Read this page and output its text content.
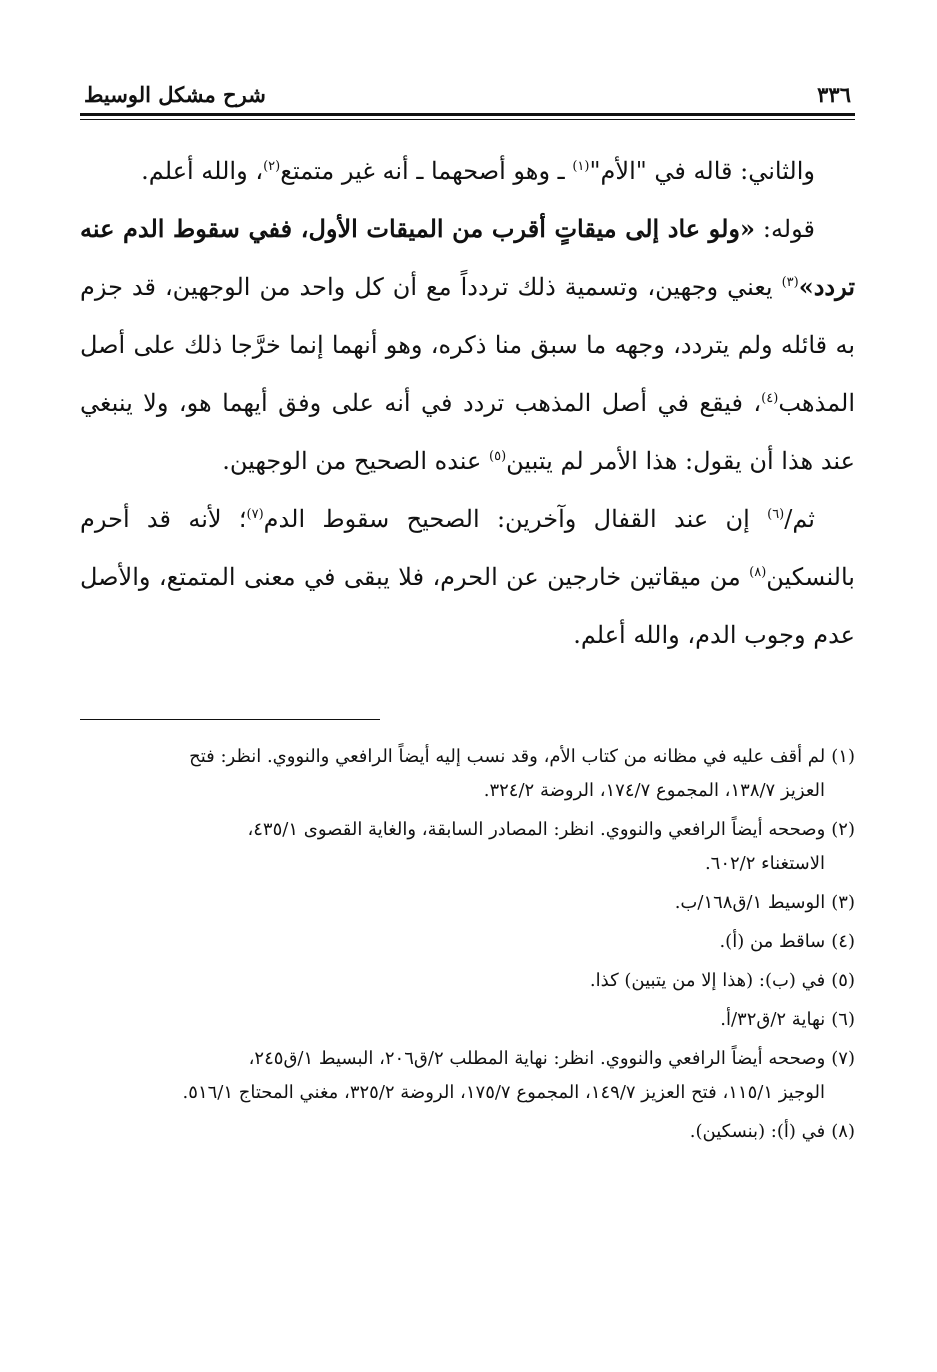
٣٣٦
شرح مشكل الوسيط

والثاني: قاله في "الأم"$^{(١)}$ ـ وهو أصحهما ـ أنه غير متمتع$^{(٢)}$، والله أعلم.

قوله: «ولو عاد إلى ميقاتٍ أقرب من الميقات الأول، ففي سقوط الدم عنه تردد»$^{(٣)}$ يعني وجهين، وتسمية ذلك تردداً مع أن كل واحد من الوجهين، قد جزم به قائله ولم يتردد، وجهه ما سبق منا ذكره، وهو أنهما إنما خرَّجا ذلك على أصل المذهب$^{(٤)}$، فيقع في أصل المذهب تردد في أنه على وفق أيهما هو، ولا ينبغي عند هذا أن يقول: هذا الأمر لم يتبين$^{(٥)}$ عنده الصحيح من الوجهين.

ثم/$^{(٦)}$ إن عند القفال وآخرين: الصحيح سقوط الدم$^{(٧)}$؛ لأنه قد أحرم بالنسكين$^{(٨)}$ من ميقاتين خارجين عن الحرم، فلا يبقى في معنى المتمتع، والأصل عدم وجوب الدم، والله أعلم.

(١)لم أقف عليه في مظانه من كتاب الأم، وقد نسب إليه أيضاً الرافعي والنووي. انظر: فتح
العزيز ١٣٨/٧، المجموع ١٧٤/٧، الروضة ٣٢٤/٢.
(٢)وصححه أيضاً الرافعي والنووي. انظر: المصادر السابقة، والغاية القصوى ٤٣٥/١،
الاستغناء ٦٠٢/٢.
(٣)الوسيط ١/ق١٦٨/ب.
(٤)ساقط من (أ).
(٥)في (ب): (هذا إلا من يتبين) كذا.
(٦)نهاية ٢/ق٣٢/أ.
(٧)وصححه أيضاً الرافعي والنووي. انظر: نهاية المطلب ٢/ق٢٠٦، البسيط ١/ق٢٤٥،
الوجيز ١١٥/١، فتح العزيز ١٤٩/٧، المجموع ١٧٥/٧، الروضة ٣٢٥/٢، مغني المحتاج ٥١٦/١.
(٨)في (أ): (بنسكين).
